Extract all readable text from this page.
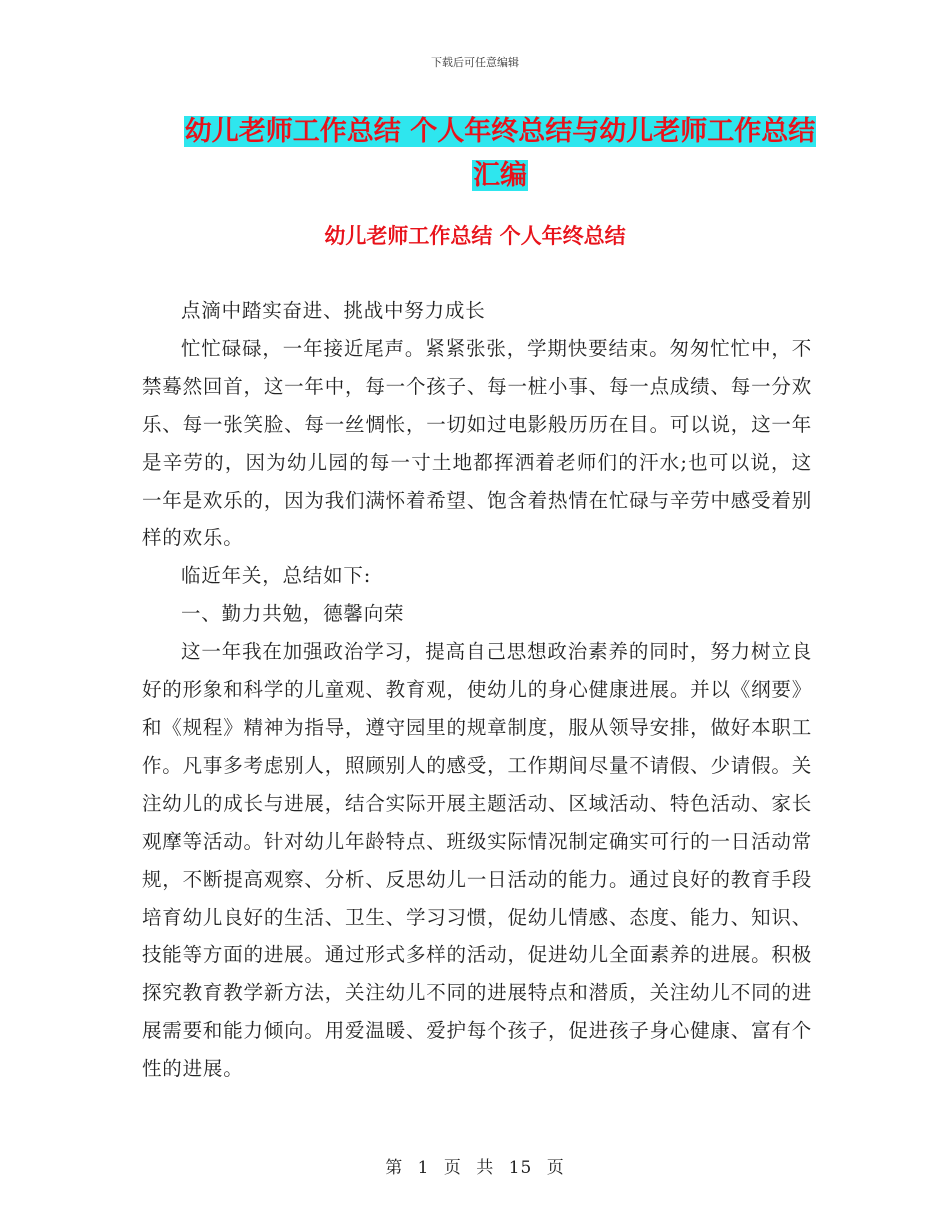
下载后可任意编辑
幼儿老师工作总结 个人年终总结与幼儿老师工作总结
汇编
幼儿老师工作总结 个人年终总结

点滴中踏实奋进、挑战中努力成长

忙忙碌碌，一年接近尾声。紧紧张张，学期快要结束。匆匆忙忙中，不禁蓦然回首，这一年中，每一个孩子、每一桩小事、每一点成绩、每一分欢乐、每一张笑脸、每一丝惆怅，一切如过电影般历历在目。可以说，这一年是辛劳的，因为幼儿园的每一寸土地都挥洒着老师们的汗水;也可以说，这一年是欢乐的，因为我们满怀着希望、饱含着热情在忙碌与辛劳中感受着别样的欢乐。

临近年关，总结如下:

一、勤力共勉，德馨向荣

这一年我在加强政治学习，提高自己思想政治素养的同时，努力树立良好的形象和科学的儿童观、教育观，使幼儿的身心健康进展。并以《纲要》和《规程》精神为指导，遵守园里的规章制度，服从领导安排，做好本职工作。凡事多考虑别人，照顾别人的感受，工作期间尽量不请假、少请假。关注幼儿的成长与进展，结合实际开展主题活动、区域活动、特色活动、家长观摩等活动。针对幼儿年龄特点、班级实际情况制定确实可行的一日活动常规，不断提高观察、分析、反思幼儿一日活动的能力。通过良好的教育手段培育幼儿良好的生活、卫生、学习习惯，促幼儿情感、态度、能力、知识、技能等方面的进展。通过形式多样的活动，促进幼儿全面素养的进展。积极探究教育教学新方法，关注幼儿不同的进展特点和潜质，关注幼儿不同的进展需要和能力倾向。用爱温暖、爱护每个孩子，促进孩子身心健康、富有个性的进展。

第 1 页 共 15 页
